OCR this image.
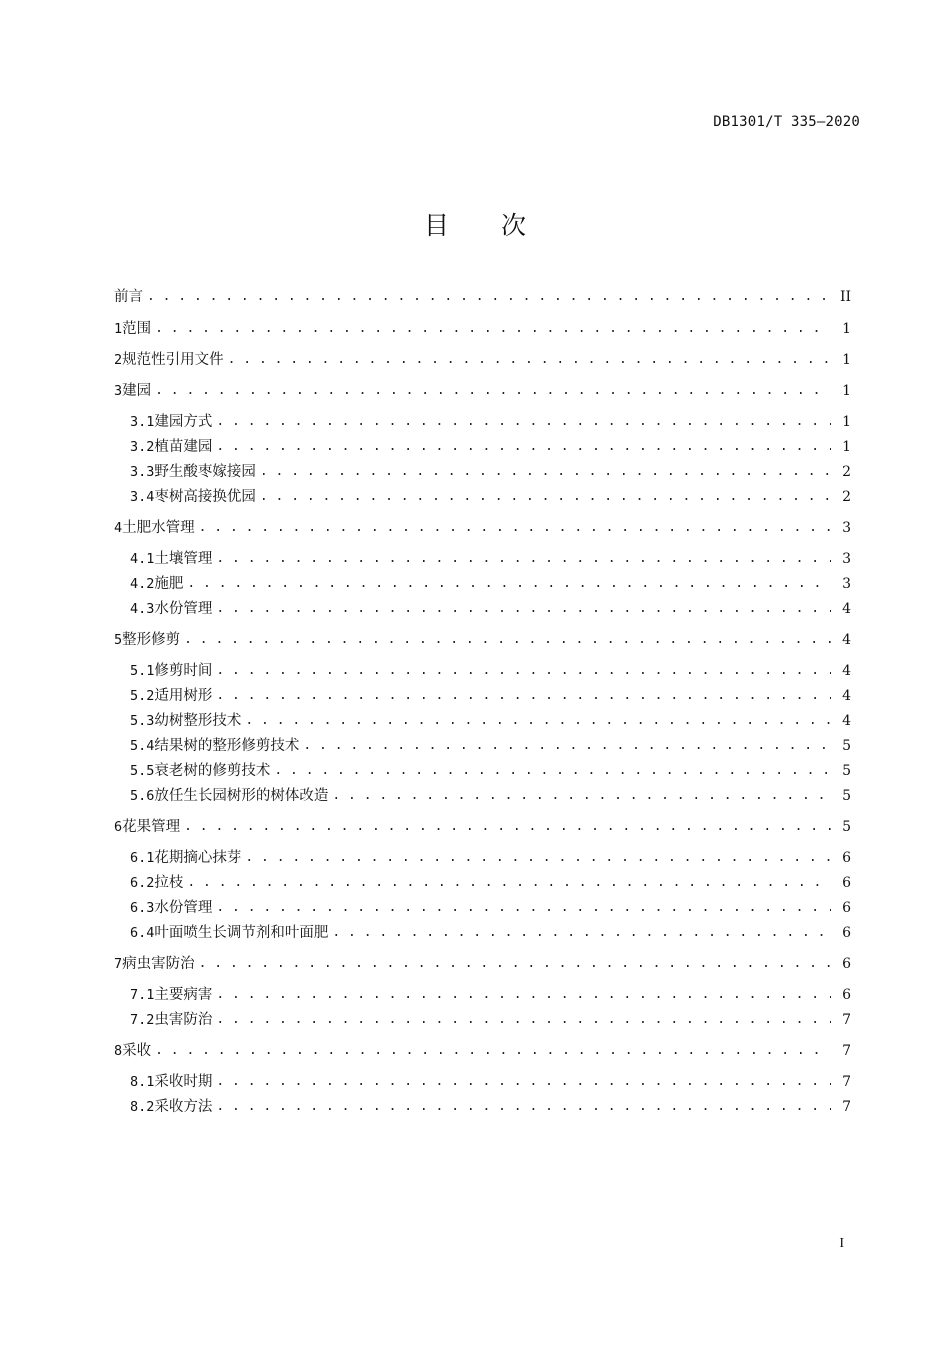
DB1301/T 335—2020
目 次
前言 . . .	II
1 范围 . . .	1
2 规范性引用文件 . . .	1
3 建园 . . .	1
3.1 建园方式 . . .	1
3.2 植苗建园 . . .	1
3.3 野生酸枣嫁接园 . . .	2
3.4 枣树高接换优园 . . .	2
4 土肥水管理 . . .	3
4.1 土壤管理 . . .	3
4.2 施肥 . . .	3
4.3 水份管理 . . .	4
5 整形修剪 . . .	4
5.1 修剪时间 . . .	4
5.2 适用树形 . . .	4
5.3 幼树整形技术 . . .	4
5.4 结果树的整形修剪技术 . . .	5
5.5 衰老树的修剪技术 . . .	5
5.6 放任生长园树形的树体改造 . . .	5
6 花果管理 . . .	5
6.1 花期摘心抹芽 . . .	6
6.2 拉枝 . . .	6
6.3 水份管理 . . .	6
6.4 叶面喷生长调节剂和叶面肥 . . .	6
7 病虫害防治 . . .	6
7.1 主要病害 . . .	6
7.2 虫害防治 . . .	7
8 采收 . . .	7
8.1 采收时期 . . .	7
8.2 采收方法 . . .	7
I
